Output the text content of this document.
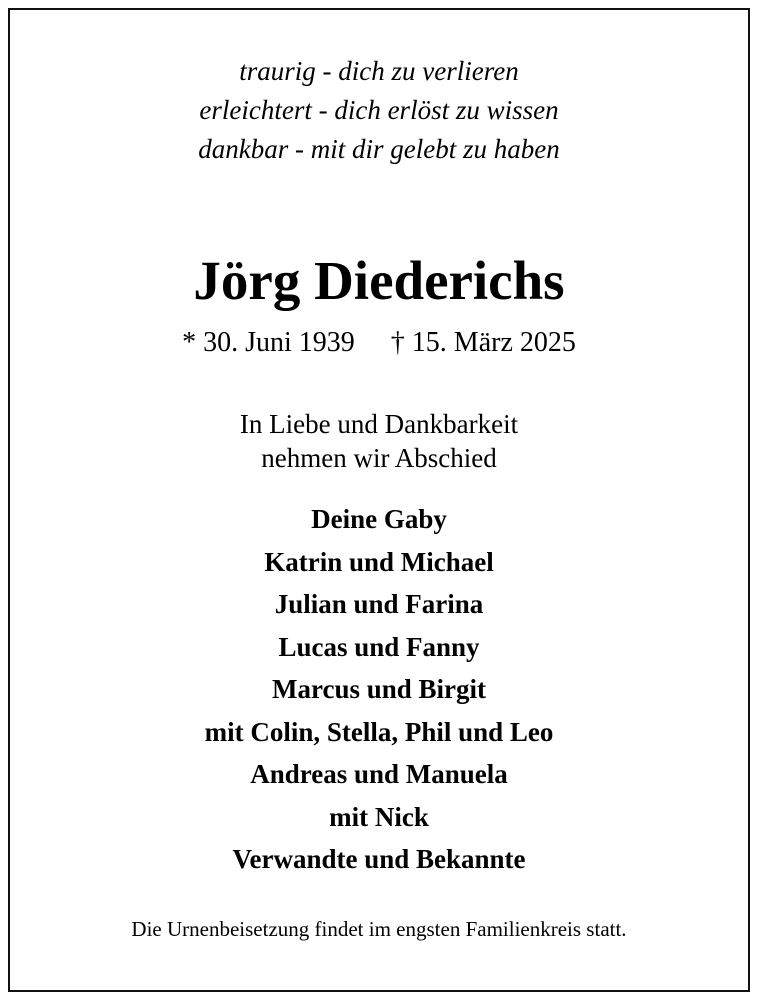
traurig - dich zu verlieren
erleichtert - dich erlöst zu wissen
dankbar - mit dir gelebt zu haben
Jörg Diederichs
* 30. Juni 1939 † 15. März 2025
In Liebe und Dankbarkeit
nehmen wir Abschied
Deine Gaby
Katrin und Michael
Julian und Farina
Lucas und Fanny
Marcus und Birgit
mit Colin, Stella, Phil und Leo
Andreas und Manuela
mit Nick
Verwandte und Bekannte
Die Urnenbeisetzung findet im engsten Familienkreis statt.
